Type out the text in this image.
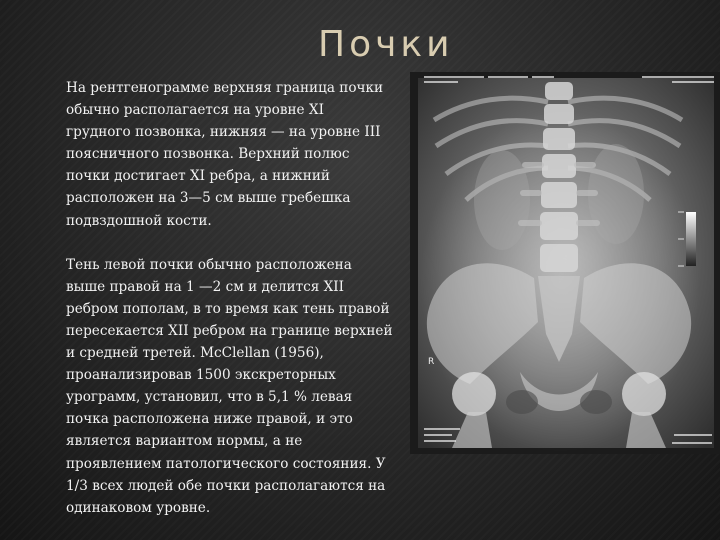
Почки

На рентгенограмме верхняя граница почки

обычно располагается на уровне XI

грудного позвонка, нижняя — на уровне III

поясничного позвонка. Верхний полюс

почки достигает XI ребра, а нижний

расположен на 3—5 см выше гребешка

подвздошной кости.

Тень левой почки обычно расположена

выше правой на 1 —2 см и делится XII

ребром пополам, в то время как тень правой

пересекается XII ребром на границе верхней

и средней третей. McClellan (1956),

проанализировав 1500 экскреторных

урограмм, установил, что в 5,1 % левая

почка расположена ниже правой, и это

является вариантом нормы, а не

проявлением патологического состояния. У

1/3 всех людей обе почки располагаются на

одинаковом уровне.

R
